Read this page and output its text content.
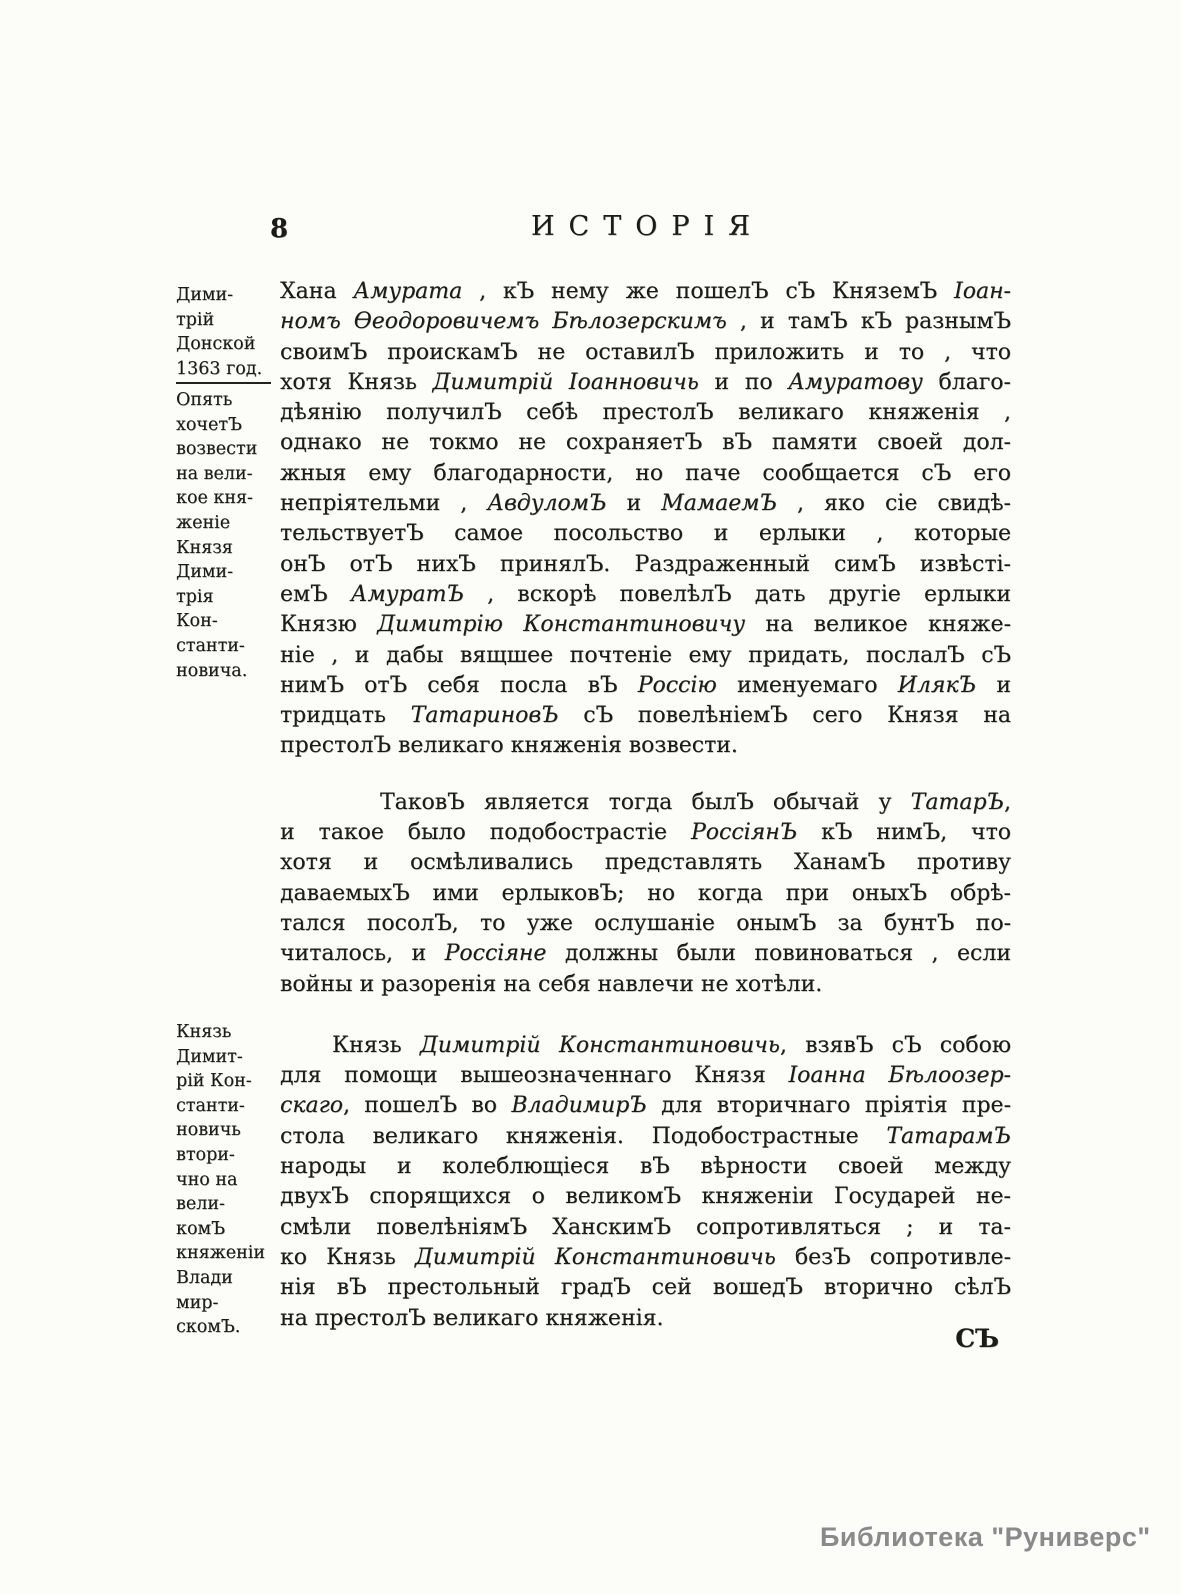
8	ИСТОРІЯ
Дими-
трій
Донской
1363 год.
Опять
хочетЪ
возвести
на вели-
кое кня-
женіе
Князя
Дими-
трія
Кон-
станти-
новича.
Князь
Димит-
рій Кон-
станти-
новичь
втори-
чно на
вели-
комЪ
княженіи
Влади
мир-
скомЪ.
Хана Амурата , кЪ нему же пошелЪ сЪ КняземЪ Іоан-
номъ Ѳеодоровичемъ Бѣлозерскимъ , и тамЪ кЪ разнымЪ
своимЪ проискамЪ не оставилЪ приложить и то , что
хотя Князь Димитрій Іоанновичь и по Амуратову благо-
дѣянію получилЪ себѣ престолЪ великаго княженія ,
однако не токмо не сохраняетЪ вЪ памяти своей дол-
жныя ему благодарности, но паче сообщается сЪ его
непріятельми , АвдуломЪ и МамаемЪ , яко сіе свидѣ-
тельствуетЪ самое посольство и ерлыки , которые
онЪ отЪ нихЪ принялЪ. Раздраженный симЪ извѣсті-
емЪ АмуратЪ , вскорѣ повелѣлЪ дать другіе ерлыки
Князю Димитрію Константиновичу на великое княже-
ніе , и дабы вящшее почтеніе ему придать, послалЪ сЪ
нимЪ отЪ себя посла вЪ Россію именуемаго ИлякЪ и
тридцать ТатариновЪ сЪ повелѣніемЪ сего Князя на
престолЪ великаго княженія возвести.
ТаковЪ является тогда былЪ обычай у ТатарЪ,
и такое было подобострастіе РоссіянЪ кЪ нимЪ, что
хотя и осмѣливались представлять ХанамЪ противу
даваемыхЪ ими ерлыковЪ; но когда при оныхЪ обрѣ-
тался посолЪ, то уже ослушаніе онымЪ за бунтЪ по-
читалось, и Россіяне должны были повиноваться , если
войны и разоренія на себя навлечи не хотѣли.
Князь Димитрій Константиновичь, взявЪ сЪ собою
для помощи вышеозначеннаго Князя Іоанна Бѣлоозер-
скаго, пошелЪ во ВладимирЪ для вторичнаго пріятія пре-
стола великаго княженія. Подобострастные ТатарамЪ
народы и колеблющіеся вЪ вѣрности своей между
двухЪ спорящихся о великомЪ княженіи Государей не-
смѣли повелѣніямЪ ХанскимЪ сопротивляться ; и та-
ко Князь Димитрій Константиновичь безЪ сопротивле-
нія вЪ престольный градЪ сей вошедЪ вторично сѣлЪ
на престолЪ великаго княженія.
СЪ
Библиотека "Руниверс"
